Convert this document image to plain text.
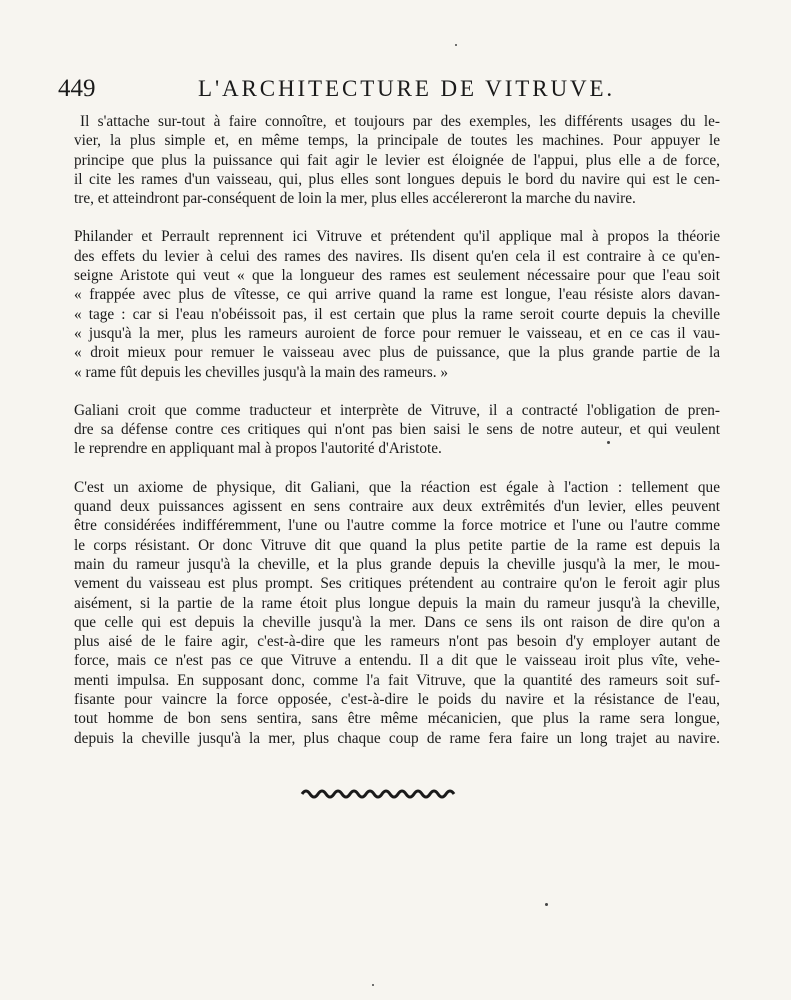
449	L'ARCHITECTURE DE VITRUVE.
Il s'attache sur-tout à faire connoître, et toujours par des exemples, les différents usages du le-
vier, la plus simple et, en même temps, la principale de toutes les machines. Pour appuyer le
principe que plus la puissance qui fait agir le levier est éloignée de l'appui, plus elle a de force,
il cite les rames d'un vaisseau, qui, plus elles sont longues depuis le bord du navire qui est le cen-
tre, et atteindront par-conséquent de loin la mer, plus elles accélereront la marche du navire.
Philander et Perrault reprennent ici Vitruve et prétendent qu'il applique mal à propos la théorie
des effets du levier à celui des rames des navires. Ils disent qu'en cela il est contraire à ce qu'en-
seigne Aristote qui veut « que la longueur des rames est seulement nécessaire pour que l'eau soit
« frappée avec plus de vîtesse, ce qui arrive quand la rame est longue, l'eau résiste alors davan-
« tage : car si l'eau n'obéissoit pas, il est certain que plus la rame seroit courte depuis la cheville
« jusqu'à la mer, plus les rameurs auroient de force pour remuer le vaisseau, et en ce cas il vau-
« droit mieux pour remuer le vaisseau avec plus de puissance, que la plus grande partie de la
« rame fût depuis les chevilles jusqu'à la main des rameurs. »
Galiani croit que comme traducteur et interprète de Vitruve, il a contracté l'obligation de pren-
dre sa défense contre ces critiques qui n'ont pas bien saisi le sens de notre auteur, et qui veulent
le reprendre en appliquant mal à propos l'autorité d'Aristote.
C'est un axiome de physique, dit Galiani, que la réaction est égale à l'action : tellement que
quand deux puissances agissent en sens contraire aux deux extrêmités d'un levier, elles peuvent
être considérées indifféremment, l'une ou l'autre comme la force motrice et l'une ou l'autre comme
le corps résistant. Or donc Vitruve dit que quand la plus petite partie de la rame est depuis la
main du rameur jusqu'à la cheville, et la plus grande depuis la cheville jusqu'à la mer, le mou-
vement du vaisseau est plus prompt. Ses critiques prétendent au contraire qu'on le feroit agir plus
aisément, si la partie de la rame étoit plus longue depuis la main du rameur jusqu'à la cheville,
que celle qui est depuis la cheville jusqu'à la mer. Dans ce sens ils ont raison de dire qu'on a
plus aisé de le faire agir, c'est-à-dire que les rameurs n'ont pas besoin d'y employer autant de
force, mais ce n'est pas ce que Vitruve a entendu. Il a dit que le vaisseau iroit plus vîte, vehe-
menti impulsa. En supposant donc, comme l'a fait Vitruve, que la quantité des rameurs soit suf-
fisante pour vaincre la force opposée, c'est-à-dire le poids du navire et la résistance de l'eau,
tout homme de bon sens sentira, sans être même mécanicien, que plus la rame sera longue,
depuis la cheville jusqu'à la mer, plus chaque coup de rame fera faire un long trajet au navire.
